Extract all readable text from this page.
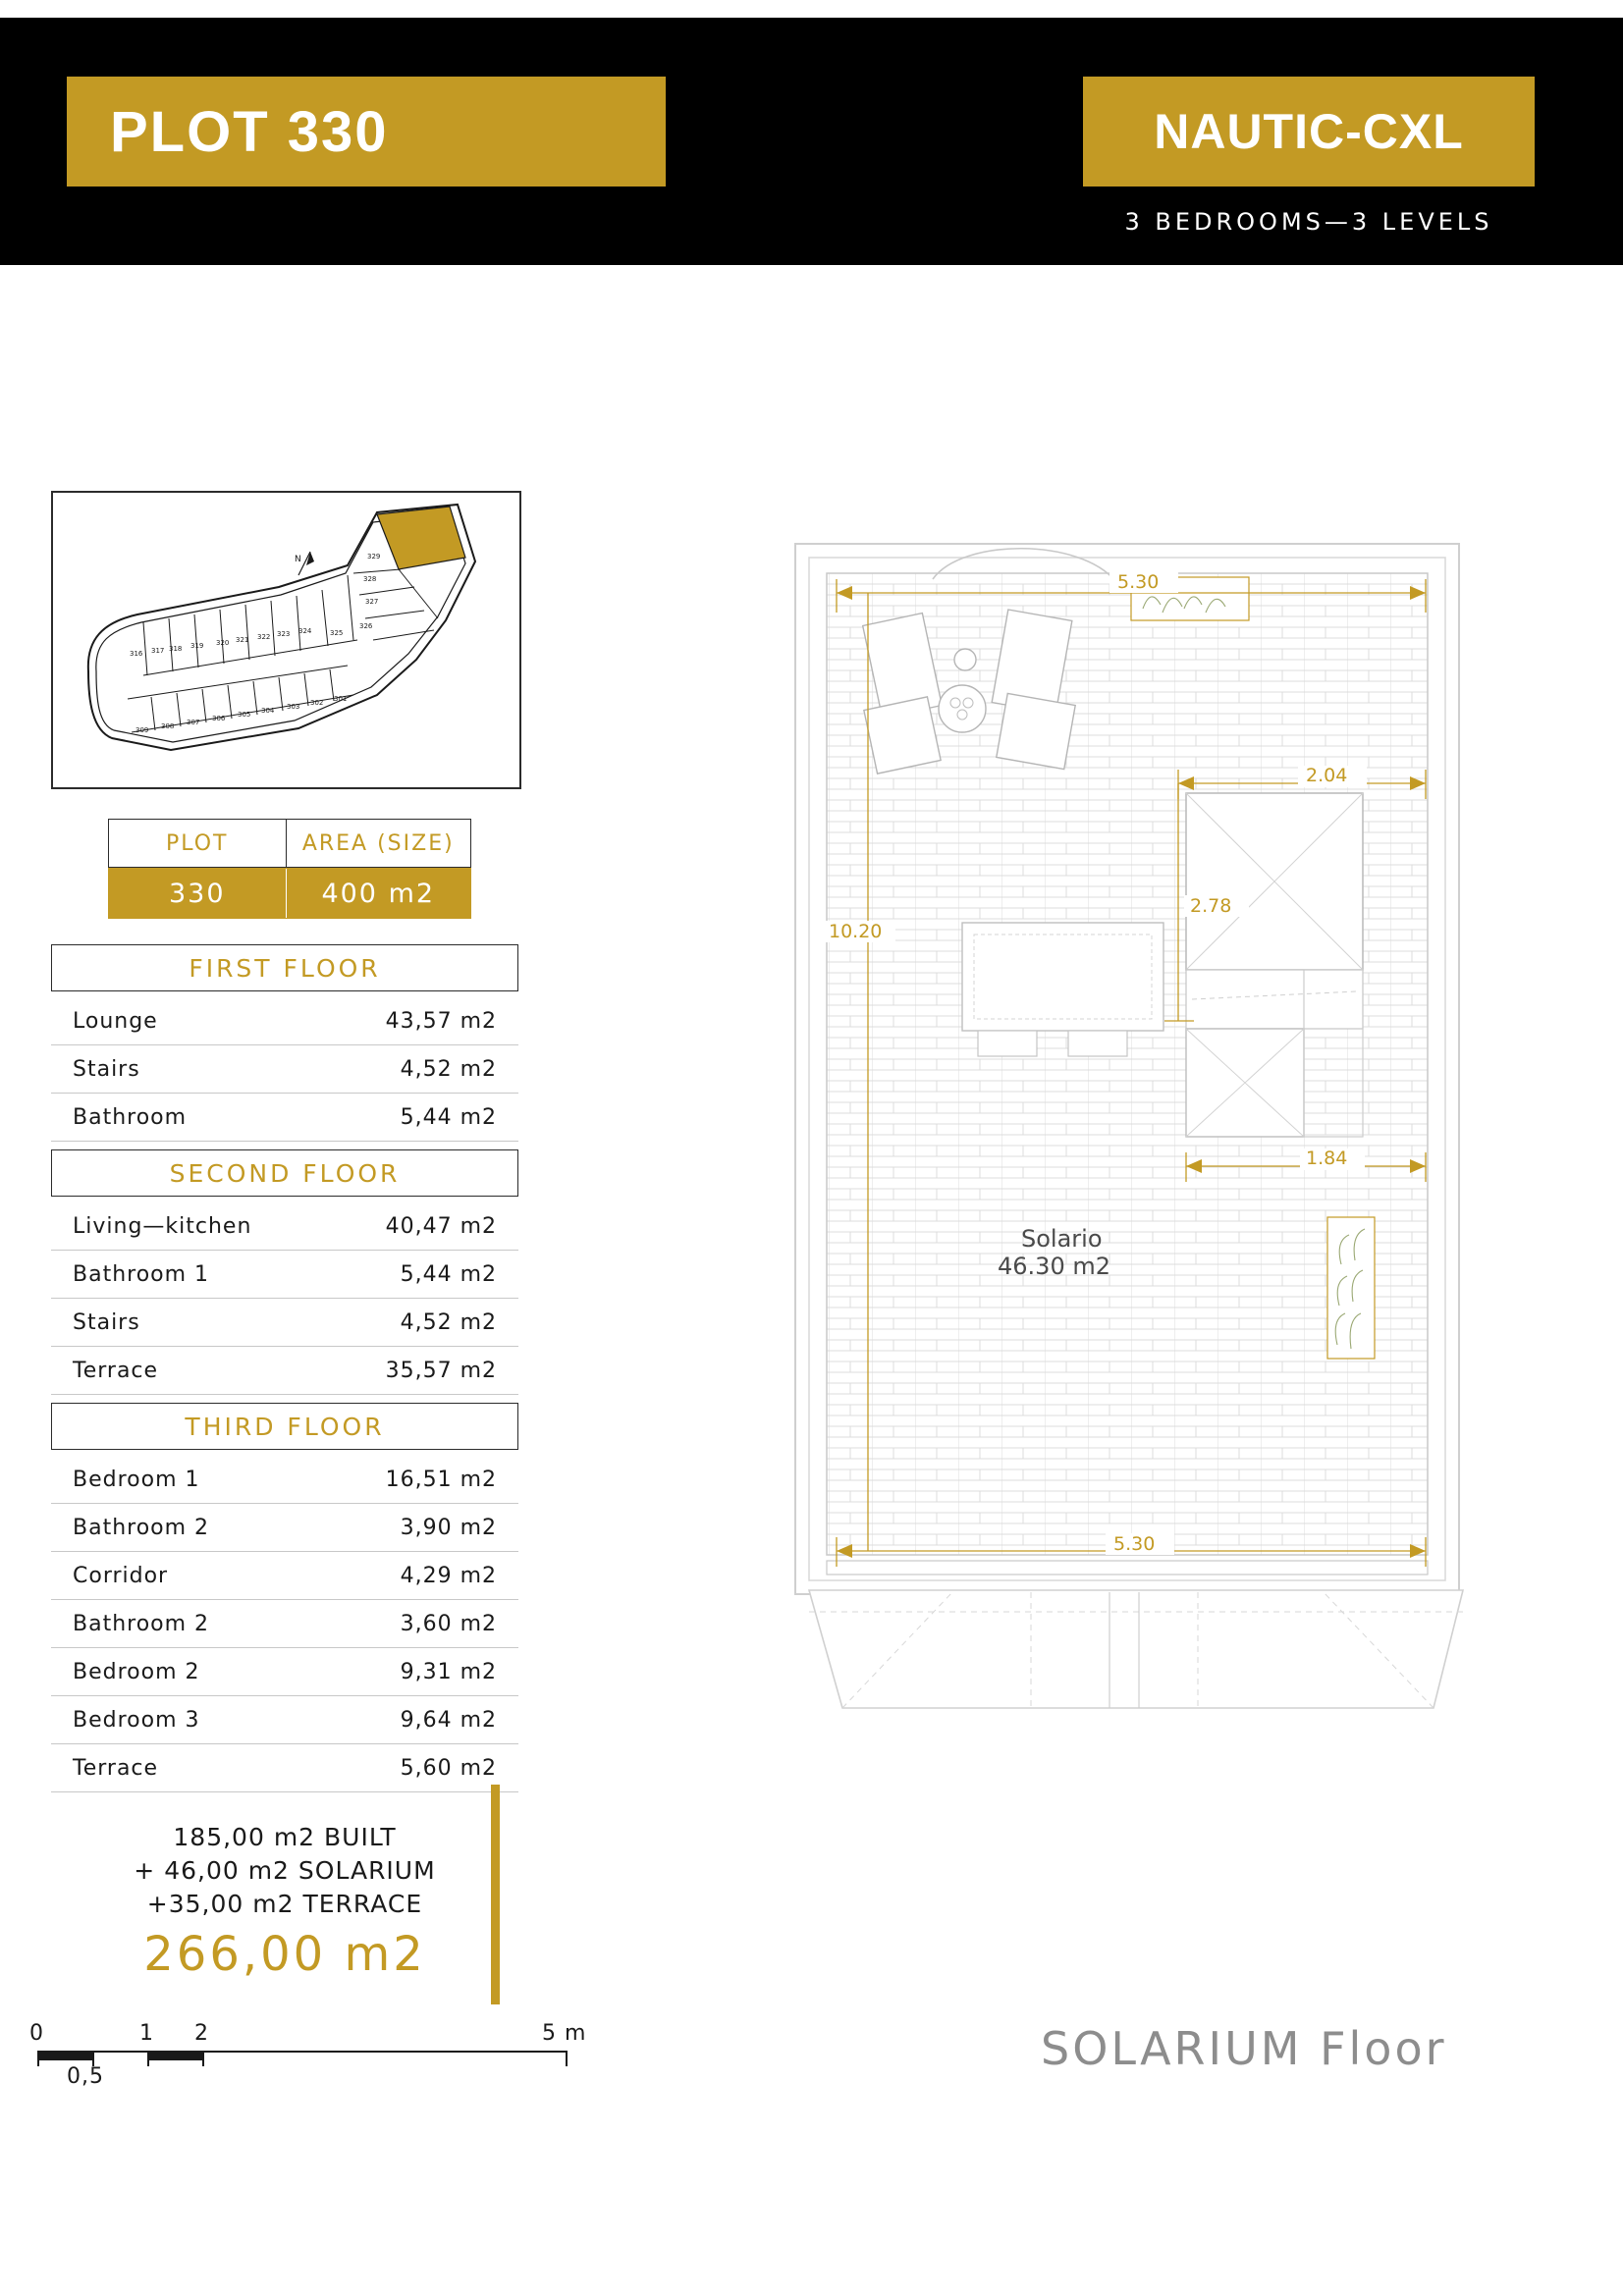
PLOT 330	NAUTIC-CXL
3 BEDROOMS—3 LEVELS
N
316 317 318 319 320 321 322 323 324	325
326
327
328
329
301
302
303
304
305
306
307
308
309
PLOT	AREA (SIZE)
330	400 m2
FIRST FLOOR
Lounge	43,57 m2
Stairs	4,52 m2
Bathroom	5,44 m2
SECOND FLOOR
Living—kitchen	40,47 m2
Bathroom 1	5,44 m2
Stairs	4,52 m2
Terrace	35,57 m2
THIRD FLOOR
Bedroom 1	16,51 m2
Bathroom 2	3,90 m2
Corridor	4,29 m2
Bathroom 2	3,60 m2
Bedroom 2	9,31 m2
Bedroom 3	9,64 m2
Terrace	5,60 m2
185,00 m2 BUILT
+ 46,00 m2 SOLARIUM
+35,00 m2 TERRACE
266,00 m2
0	1 2	5 m
0,5
5.30
2.04
2.78
10.20
1.84
5.30
Solario
46.30 m2
SOLARIUM Floor
